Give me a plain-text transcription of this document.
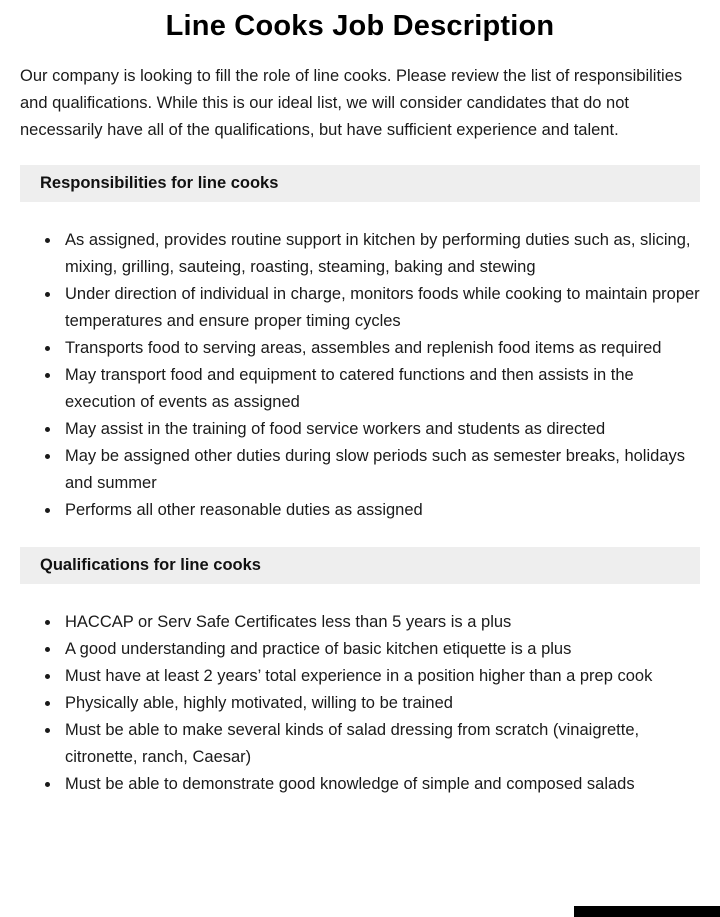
Line Cooks Job Description

Our company is looking to fill the role of line cooks. Please review the list of responsibilities and qualifications. While this is our ideal list, we will consider candidates that do not necessarily have all of the qualifications, but have sufficient experience and talent.

Responsibilities for line cooks
• As assigned, provides routine support in kitchen by performing duties such as, slicing, mixing, grilling, sauteing, roasting, steaming, baking and stewing
• Under direction of individual in charge, monitors foods while cooking to maintain proper temperatures and ensure proper timing cycles
• Transports food to serving areas, assembles and replenish food items as required
• May transport food and equipment to catered functions and then assists in the execution of events as assigned
• May assist in the training of food service workers and students as directed
• May be assigned other duties during slow periods such as semester breaks, holidays and summer
• Performs all other reasonable duties as assigned
Qualifications for line cooks
• HACCAP or Serv Safe Certificates less than 5 years is a plus
• A good understanding and practice of basic kitchen etiquette is a plus
• Must have at least 2 years’ total experience in a position higher than a prep cook
• Physically able, highly motivated, willing to be trained
• Must be able to make several kinds of salad dressing from scratch (vinaigrette, citronette, ranch, Caesar)
• Must be able to demonstrate good knowledge of simple and composed salads
